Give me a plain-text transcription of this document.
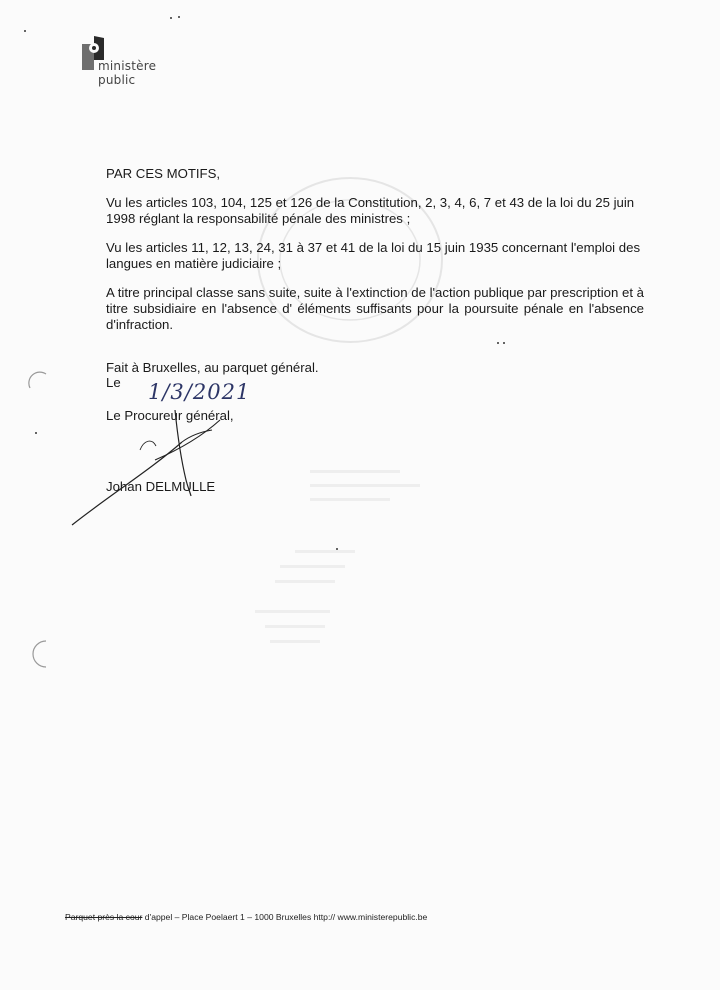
ministère
public
PAR CES MOTIFS,
Vu les articles 103, 104, 125 et 126 de la Constitution, 2, 3, 4, 6, 7 et 43 de la loi du 25 juin 1998 réglant la responsabilité pénale des ministres ;
Vu les articles 11, 12, 13, 24, 31 à 37 et 41 de la loi du 15 juin 1935 concernant l'emploi des langues en matière judiciaire ;
A titre principal classe sans suite, suite à l'extinction de l'action publique par prescription et à titre subsidiaire en l'absence d' éléments suffisants pour la poursuite pénale en l'absence d'infraction.
Fait à Bruxelles, au parquet général.
Le 1/3/2021
Le Procureur général,
Johan DELMULLE
Parquet près la cour d'appel – Place Poelaert 1 – 1000 Bruxelles http:// www.ministerepublic.be
